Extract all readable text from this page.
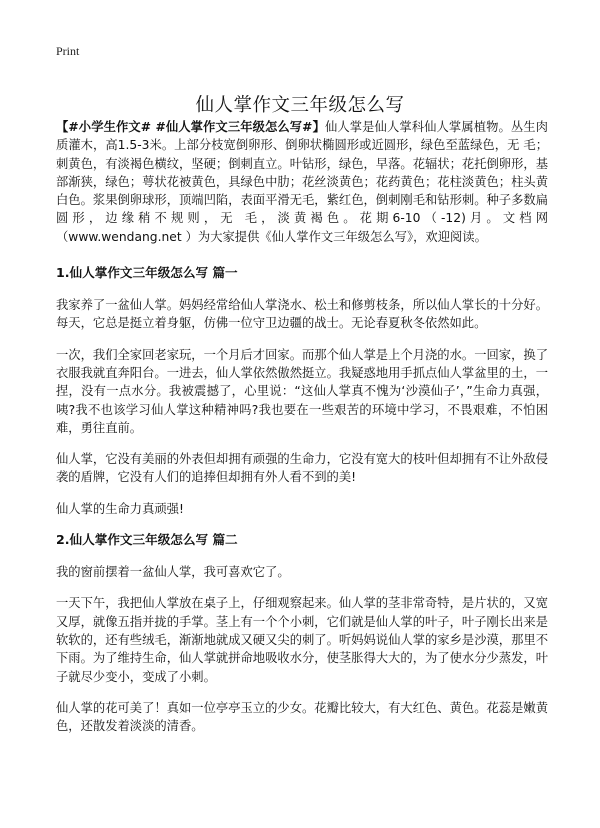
Print
仙人掌作文三年级怎么写

【#小学生作文# #仙人掌作文三年级怎么写#】仙人掌是仙人掌科仙人掌属植物。丛生肉质灌木，高1.5-3米。上部分枝宽倒卵形、倒卵状椭圆形或近圆形，绿色至蓝绿色，无 毛；刺黄色，有淡褐色横纹，坚硬；倒刺直立。叶钻形，绿色，早落。花辐状；花托倒卵形，基部渐狭，绿色；萼状花被黄色，具绿色中肋；花丝淡黄色；花药黄色；花柱淡黄色；柱头黄白色。浆果倒卵球形，顶端凹陷，表面平滑无毛，紫红色，倒刺刚毛和钻形刺。种子多数扁圆形，边缘稍不规则，无 毛，淡黄褐色。花期6-10（-12)月。文档网（www.wendang.net ）为大家提供《仙人掌作文三年级怎么写》，欢迎阅读。

1.仙人掌作文三年级怎么写 篇一

我家养了一盆仙人掌。妈妈经常给仙人掌浇水、松土和修剪枝条，所以仙人掌长的十分好。每天，它总是挺立着身躯，仿佛一位守卫边疆的战士。无论春夏秋冬依然如此。

一次，我们全家回老家玩，一个月后才回家。而那个仙人掌是上个月浇的水。一回家，换了衣服我就直奔阳台。一进去，仙人掌依然傲然挺立。我疑惑地用手抓点仙人掌盆里的土，一捏，没有一点水分。我被震撼了，心里说：“这仙人掌真不愧为‘沙漠仙子’，”生命力真强，咦?我不也该学习仙人掌这种精神吗?我也要在一些艰苦的环境中学习，不畏艰难，不怕困难，勇往直前。

仙人掌，它没有美丽的外表但却拥有顽强的生命力，它没有宽大的枝叶但却拥有不让外敌侵袭的盾牌，它没有人们的追捧但却拥有外人看不到的美!

仙人掌的生命力真顽强!

2.仙人掌作文三年级怎么写 篇二

我的窗前摆着一盆仙人掌，我可喜欢它了。

一天下午，我把仙人掌放在桌子上，仔细观察起来。仙人掌的茎非常奇特，是片状的，又宽又厚，就像五指并拢的手掌。茎上有一个个小刺，它们就是仙人掌的叶子，叶子刚长出来是软软的，还有些绒毛，渐渐地就成又硬又尖的刺了。听妈妈说仙人掌的家乡是沙漠，那里不下雨。为了维持生命，仙人掌就拼命地吸收水分，使茎胀得大大的，为了使水分少蒸发，叶子就尽少变小，变成了小刺。

仙人掌的花可美了！真如一位亭亭玉立的少女。花瓣比较大，有大红色、黄色。花蕊是嫩黄色，还散发着淡淡的清香。
